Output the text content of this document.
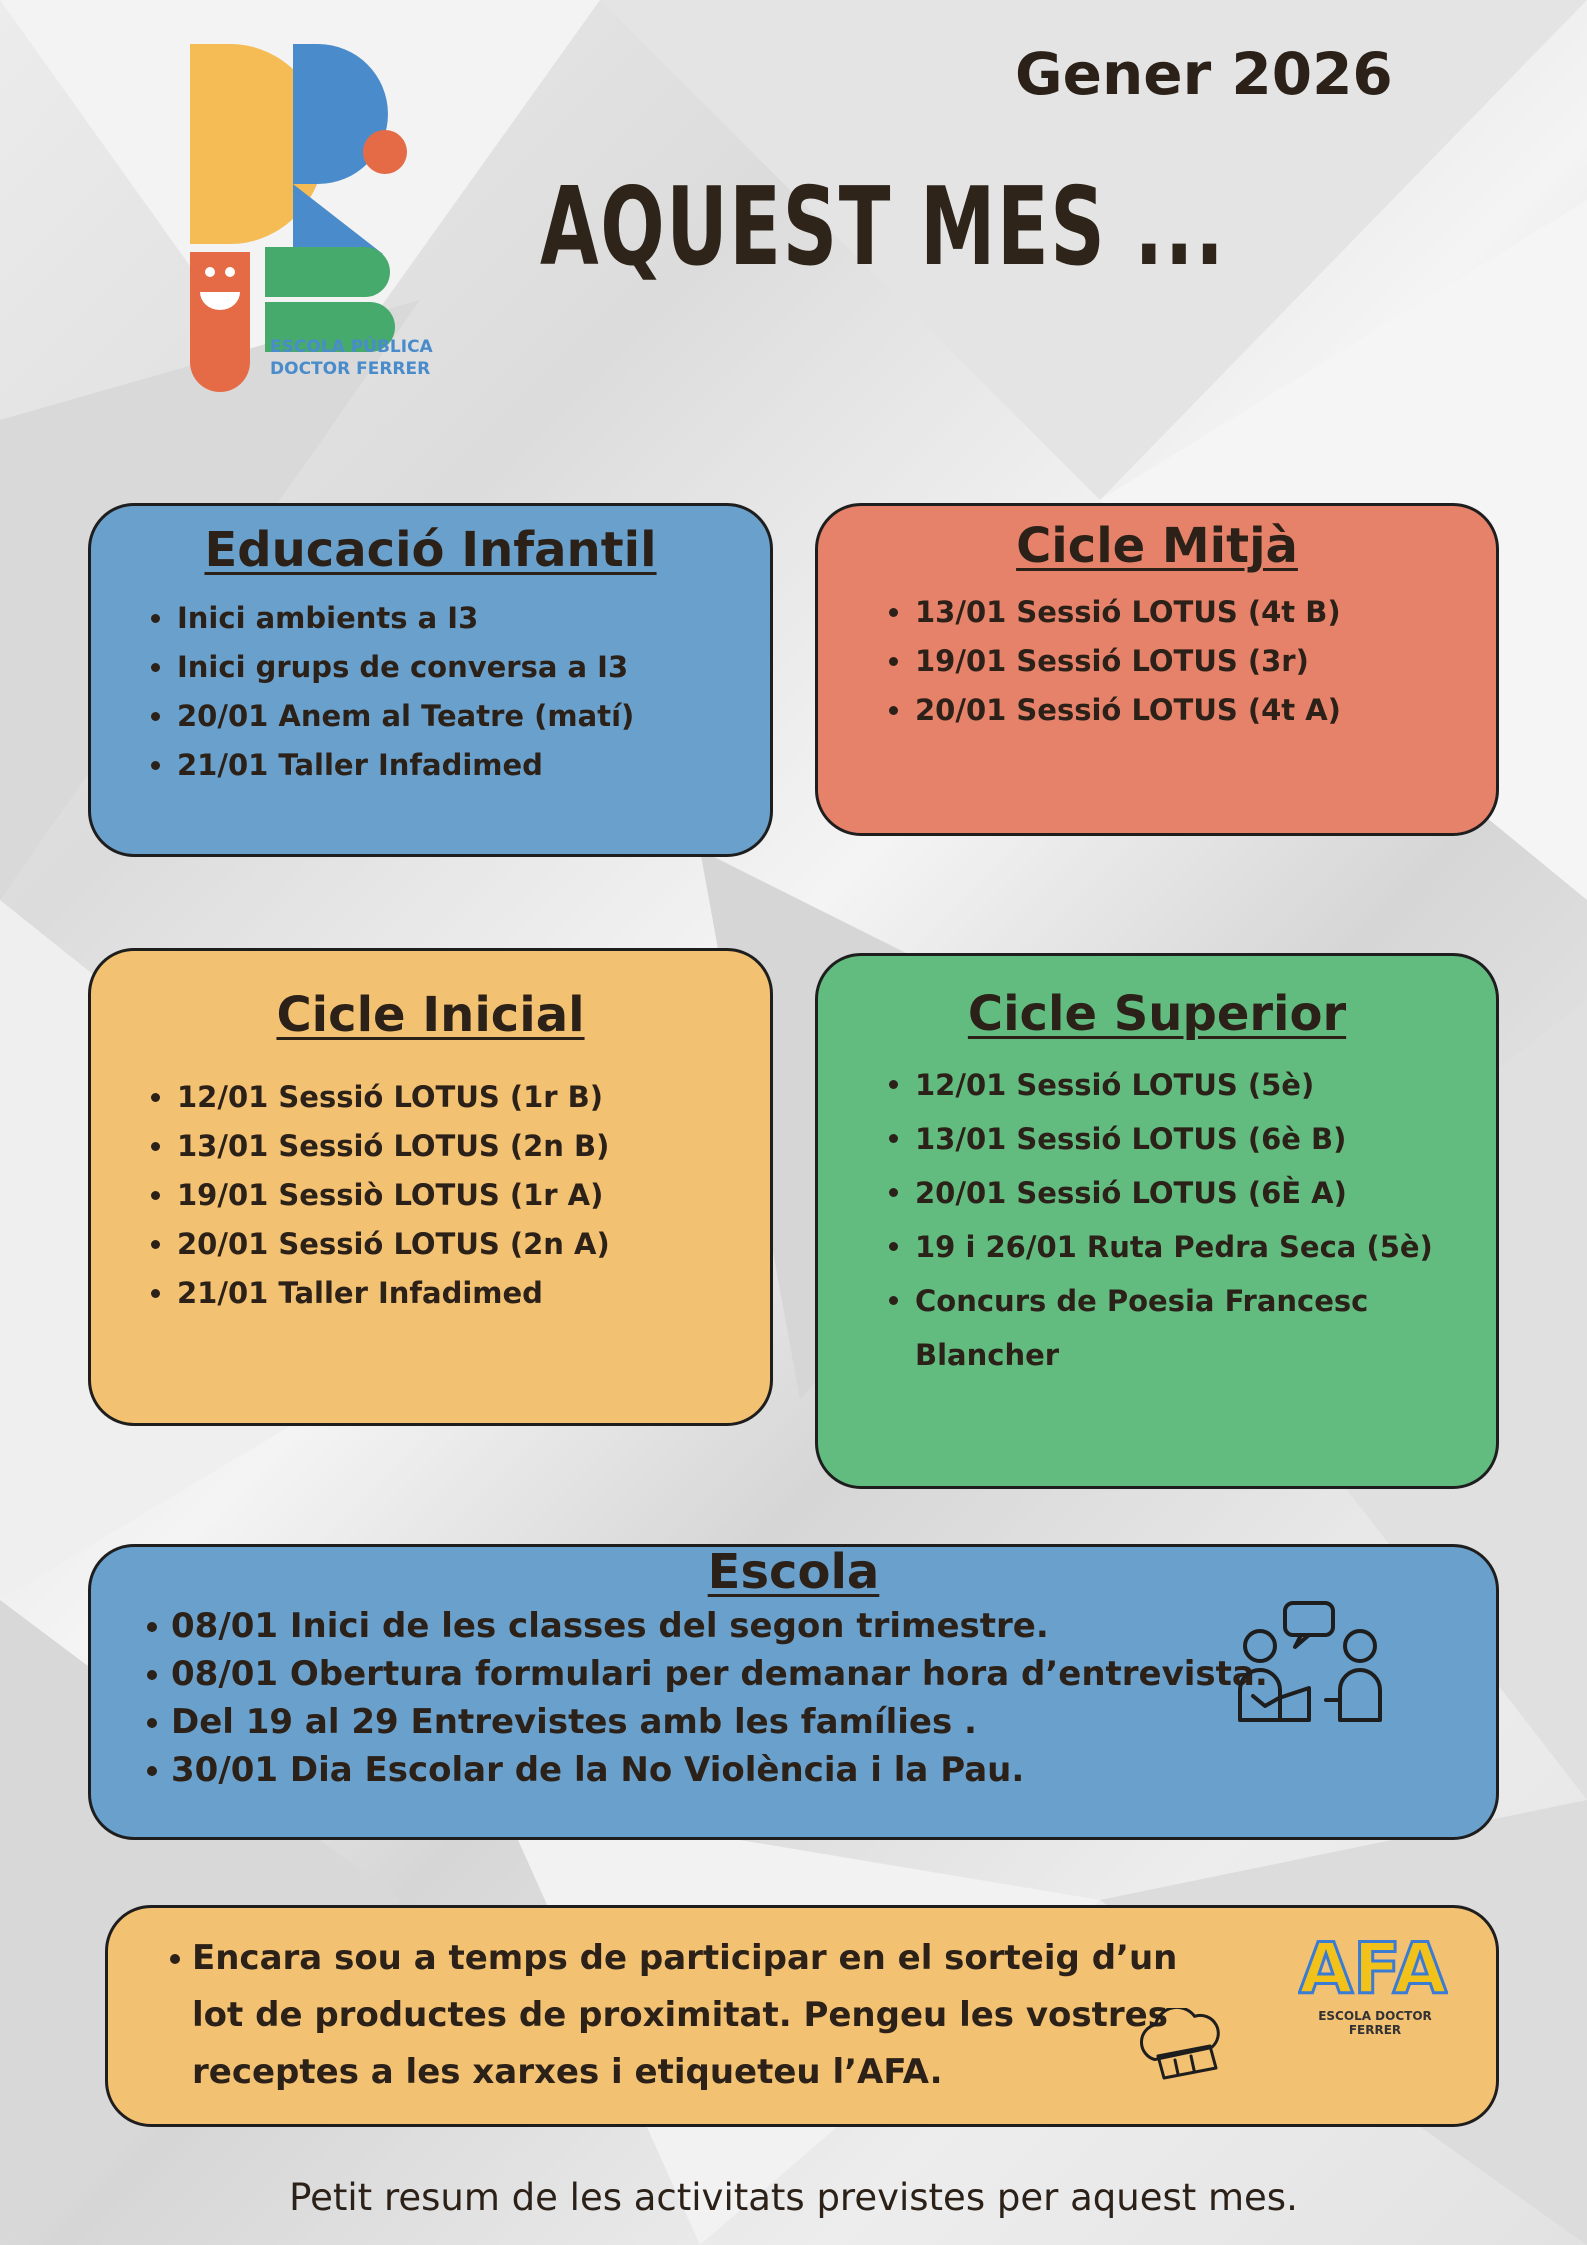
ESCOLA PÚBLICA
DOCTOR FERRER
Gener 2026
AQUEST MES ...
Educació Infantil
Inici ambients a I3
Inici grups de conversa a I3
20/01 Anem al Teatre (matí)
21/01 Taller Infadimed
Cicle Mitjà
13/01 Sessió LOTUS (4t B)
19/01 Sessió LOTUS (3r)
20/01 Sessió LOTUS (4t A)
Cicle Inicial
12/01 Sessió LOTUS (1r B)
13/01 Sessió LOTUS (2n B)
19/01 Sessiò LOTUS (1r A)
20/01 Sessió LOTUS (2n A)
21/01 Taller Infadimed
Cicle Superior
12/01 Sessió LOTUS (5è)
13/01 Sessió LOTUS (6è B)
20/01 Sessió LOTUS (6È A)
19 i 26/01 Ruta Pedra Seca (5è)
Concurs de Poesia Francesc Blancher
Escola
08/01 Inici de les classes del segon trimestre.
08/01 Obertura formulari per demanar hora d’entrevista.
Del 19 al 29 Entrevistes amb les famílies .
30/01 Dia Escolar de la No Violència i la Pau.
Encara sou a temps de participar en el sorteig d’un lot de productes de proximitat. Pengeu les vostres receptes a les xarxes i etiqueteu l’AFA.
AFA
ESCOLA DOCTOR FERRER
Petit resum de les activitats previstes per aquest mes.
